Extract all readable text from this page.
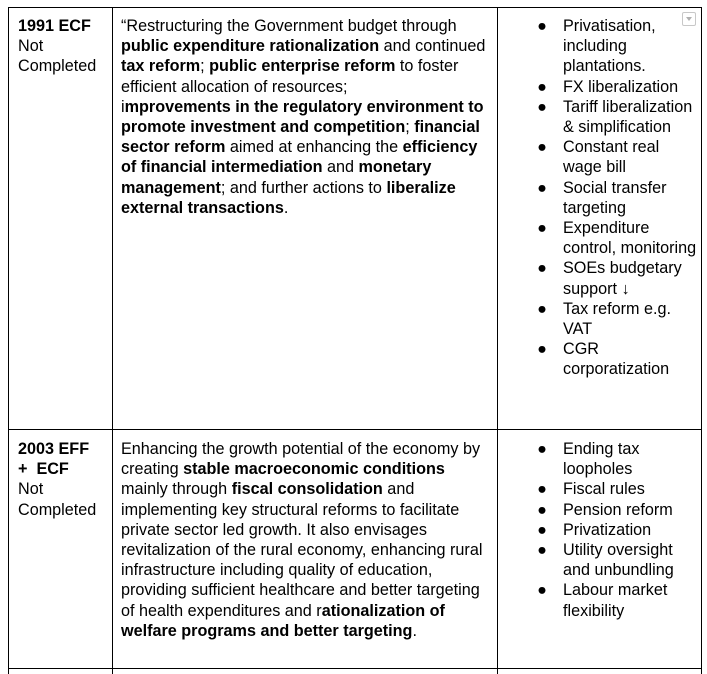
1991 ECF
Not
Completed
“Restructuring the Government budget through public expenditure rationalization and continued tax reform; public enterprise reform to foster
efficient allocation of resources;
improvements in the regulatory environment to promote investment and competition; financial sector reform aimed at enhancing the efficiency of financial intermediation and monetary management; and further actions to liberalize external transactions.
● Privatisation, including plantations.
● FX liberalization
● Tariff liberalization & simplification
● Constant real wage bill
● Social transfer targeting
● Expenditure control, monitoring
● SOEs budgetary support ↓
● Tax reform e.g. VAT
● CGR corporatization
2003 EFF
+  ECF
Not
Completed
Enhancing the growth potential of the economy by creating stable macroeconomic conditions mainly through fiscal consolidation and implementing key structural reforms to facilitate private sector led growth. It also envisages revitalization of the rural economy, enhancing rural infrastructure including quality of education, providing sufficient healthcare and better targeting of health expenditures and rationalization of welfare programs and better targeting.
● Ending tax loopholes
● Fiscal rules
● Pension reform
● Privatization
● Utility oversight and unbundling
● Labour market flexibility
